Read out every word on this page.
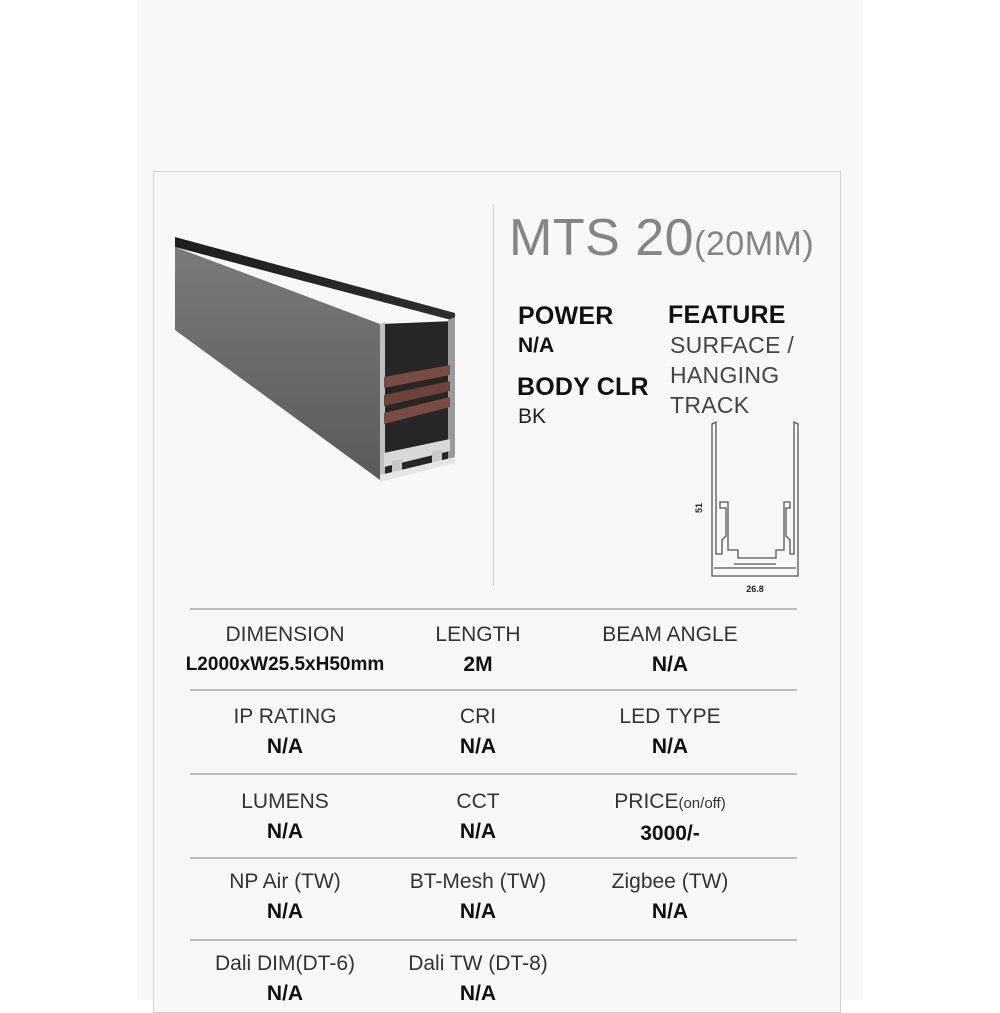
MTS 20(20MM)
POWER
N/A
BODY CLR
BK
FEATURE
SURFACE /
HANGING
TRACK
51
26.8
DIMENSION
L2000xW25.5xH50mm
LENGTH
2M
BEAM ANGLE
N/A
IP RATING
N/A
CRI
N/A
LED TYPE
N/A
LUMENS
N/A
CCT
N/A
PRICE(on/off)
3000/-
NP Air (TW)
N/A
BT-Mesh (TW)
N/A
Zigbee (TW)
N/A
Dali DIM(DT-6)
N/A
Dali TW (DT-8)
N/A
